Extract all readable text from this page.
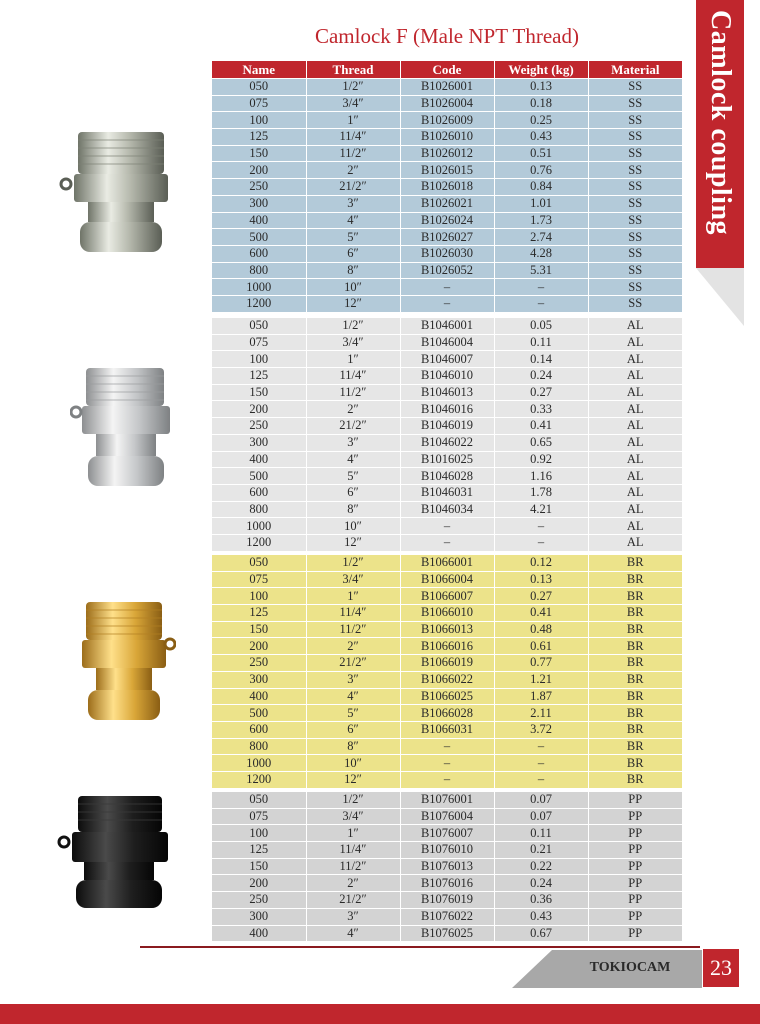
Camlock F (Male NPT Thread)	Camlock coupling
Name	Thread	Code	Weight (kg)	Material
050	1/2″	B1026001	0.13	SS
075	3/4″	B1026004	0.18	SS
100	1″	B1026009	0.25	SS
125	11/4″	B1026010	0.43	SS
150	11/2″	B1026012	0.51	SS
200	2″	B1026015	0.76	SS
250	21/2″	B1026018	0.84	SS
300	3″	B1026021	1.01	SS
400	4″	B1026024	1.73	SS
500	5″	B1026027	2.74	SS
600	6″	B1026030	4.28	SS
800	8″	B1026052	5.31	SS
1000	10″	–	–	SS
1200	12″	–	–	SS
050	1/2″	B1046001	0.05	AL
075	3/4″	B1046004	0.11	AL
100	1″	B1046007	0.14	AL
125	11/4″	B1046010	0.24	AL
150	11/2″	B1046013	0.27	AL
200	2″	B1046016	0.33	AL
250	21/2″	B1046019	0.41	AL
300	3″	B1046022	0.65	AL
400	4″	B1016025	0.92	AL
500	5″	B1046028	1.16	AL
600	6″	B1046031	1.78	AL
800	8″	B1046034	4.21	AL
1000	10″	–	–	AL
1200	12″	–	–	AL
050	1/2″	B1066001	0.12	BR
075	3/4″	B1066004	0.13	BR
100	1″	B1066007	0.27	BR
125	11/4″	B1066010	0.41	BR
150	11/2″	B1066013	0.48	BR
200	2″	B1066016	0.61	BR
250	21/2″	B1066019	0.77	BR
300	3″	B1066022	1.21	BR
400	4″	B1066025	1.87	BR
500	5″	B1066028	2.11	BR
600	6″	B1066031	3.72	BR
800	8″	–	–	BR
1000	10″	–	–	BR
1200	12″	–	–	BR
050	1/2″	B1076001	0.07	PP
075	3/4″	B1076004	0.07	PP
100	1″	B1076007	0.11	PP
125	11/4″	B1076010	0.21	PP
150	11/2″	B1076013	0.22	PP
200	2″	B1076016	0.24	PP
250	21/2″	B1076019	0.36	PP
300	3″	B1076022	0.43	PP
400	4″	B1076025	0.67	PP
TOKIOCAM	23
